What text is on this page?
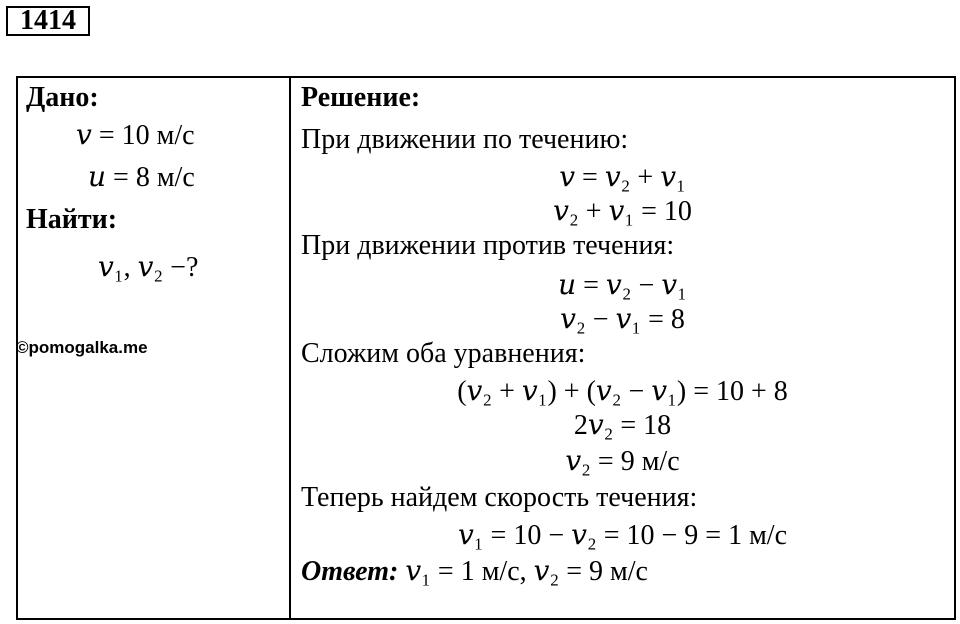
1414
Дано:
𝑣 = 10 м/с
𝑢 = 8 м/с
Найти:
𝑣₁, 𝑣₂ −?
©pomogalka.me
Решение:
При движении по течению:
𝑣 = 𝑣₂ + 𝑣₁
𝑣₂ + 𝑣₁ = 10
При движении против течения:
𝑢 = 𝑣₂ − 𝑣₁
𝑣₂ − 𝑣₁ = 8
Сложим оба уравнения:
(𝑣₂ + 𝑣₁) + (𝑣₂ − 𝑣₁) = 10 + 8
2𝑣₂ = 18
𝑣₂ = 9 м/с
Теперь найдем скорость течения:
𝑣₁ = 10 − 𝑣₂ = 10 − 9 = 1 м/с
Ответ: 𝑣₁ = 1 м/с, 𝑣₂ = 9 м/с
